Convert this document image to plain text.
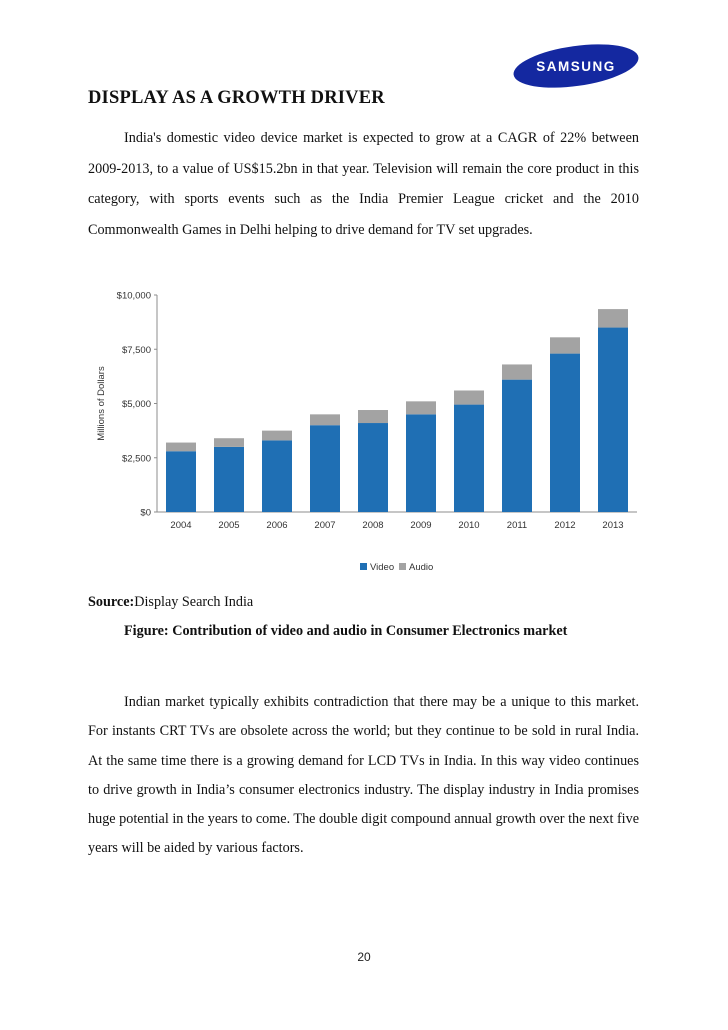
SAMSUNG
DISPLAY AS A GROWTH DRIVER

India's domestic video device market is expected to grow at a CAGR of 22% between 2009-2013, to a value of US$15.2bn in that year. Television will remain the core product in this category, with sports events such as the India Premier League cricket and the 2010 Commonwealth Games in Delhi helping to drive demand for TV set upgrades.

$0
$2,500
$5,000
$7,500
$10,000
Millions of Dollars
2004	2005	2006	2007	2008	2009	2010	2011	2012	2013
Video Audio
Source:Display Search India
Figure: Contribution of video and audio in Consumer Electronics market

Indian market typically exhibits contradiction that there may be a unique to this market. For instants CRT TVs are obsolete across the world; but they continue to be sold in rural India. At the same time there is a growing demand for LCD TVs in India. In this way video continues to drive growth in India’s consumer electronics industry. The display industry in India promises huge potential in the years to come. The double digit compound annual growth over the next five years will be aided by various factors.

20
